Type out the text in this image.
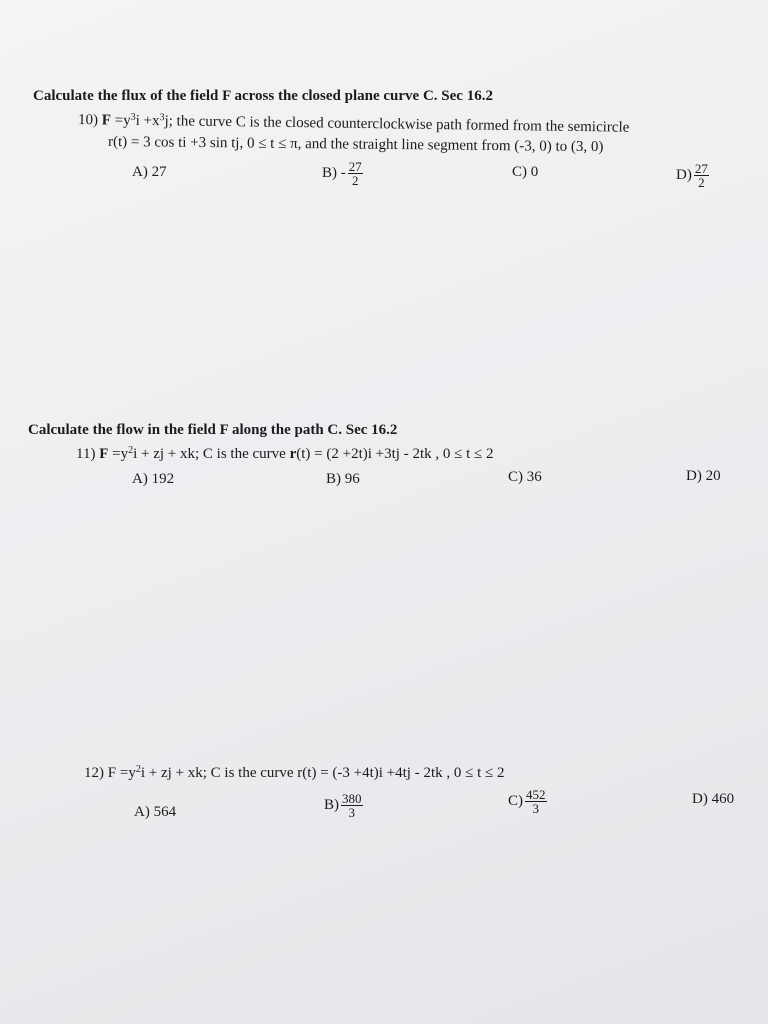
Calculate the flux of the field F across the closed plane curve C. Sec 16.2
10) $F =y^3i +x^3j$; the curve C is the closed counterclockwise path formed from the semicircle
r(t) = 3 cos ti +3 sin tj, 0 ≤ t ≤ π, and the straight line segment from (-3, 0) to (3, 0)
A) 27	$B) - \frac{27}{2}$	C) 0	$D) \frac{27}{2}$
Calculate the flow in the field F along the path C. Sec 16.2
11) $F =y^2i$ + zj + xk; C is the curve r(t) = (2 +2t)i +3tj - 2tk , 0 ≤ t ≤ 2
A) 192	B) 96	C) 36	D) 20
12) $F =y^2i$ + zj + xk; C is the curve r(t) = (-3 +4t)i +4tj - 2tk , 0 ≤ t ≤ 2
A) 564	$B) \frac{380}{3}$	$C) \frac{452}{3}$	D) 460
